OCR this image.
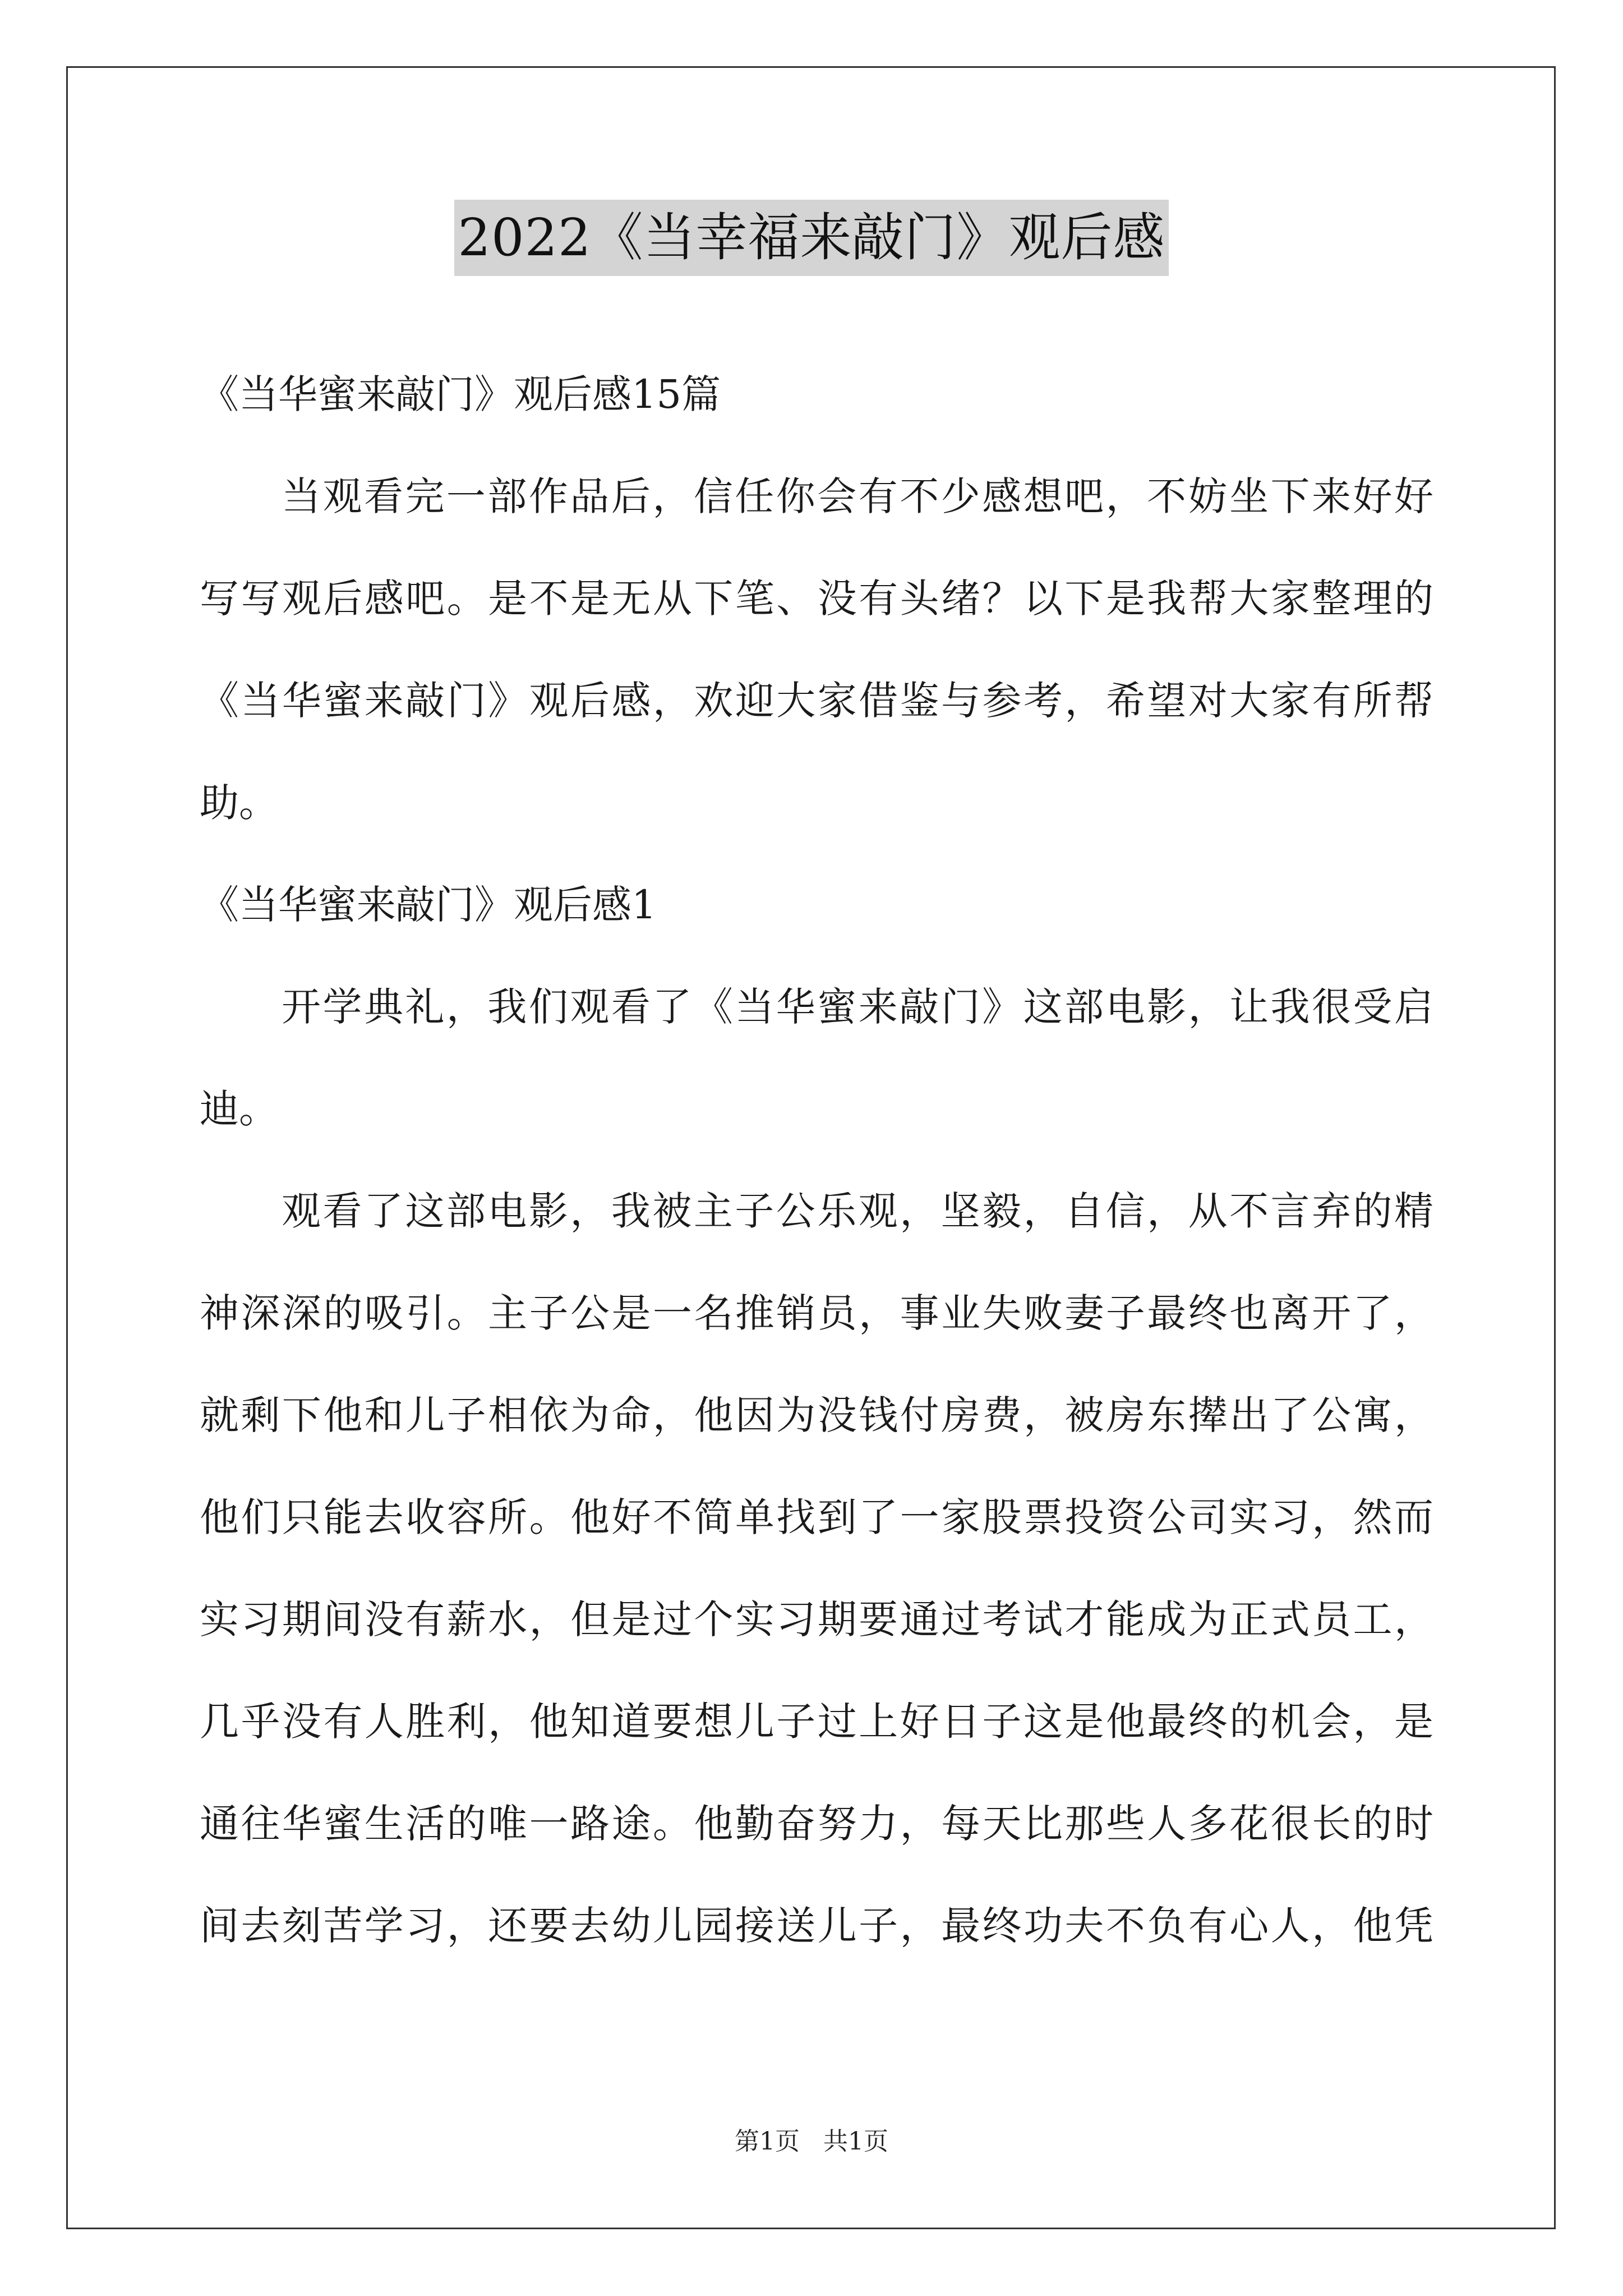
2022《当幸福来敲门》观后感
《当华蜜来敲门》观后感15篇
当观看完一部作品后，信任你会有不少感想吧，不妨坐下来好好
写写观后感吧。是不是无从下笔、没有头绪？以下是我帮大家整理的
《当华蜜来敲门》观后感，欢迎大家借鉴与参考，希望对大家有所帮
助。
《当华蜜来敲门》观后感1
开学典礼，我们观看了《当华蜜来敲门》这部电影，让我很受启
迪。
观看了这部电影，我被主子公乐观，坚毅，自信，从不言弃的精
神深深的吸引。主子公是一名推销员，事业失败妻子最终也离开了，
就剩下他和儿子相依为命，他因为没钱付房费，被房东撵出了公寓，
他们只能去收容所。他好不简单找到了一家股票投资公司实习，然而
实习期间没有薪水，但是过个实习期要通过考试才能成为正式员工，
几乎没有人胜利，他知道要想儿子过上好日子这是他最终的机会，是
通往华蜜生活的唯一路途。他勤奋努力，每天比那些人多花很长的时
间去刻苦学习，还要去幼儿园接送儿子，最终功夫不负有心人，他凭
第1页   共1页
